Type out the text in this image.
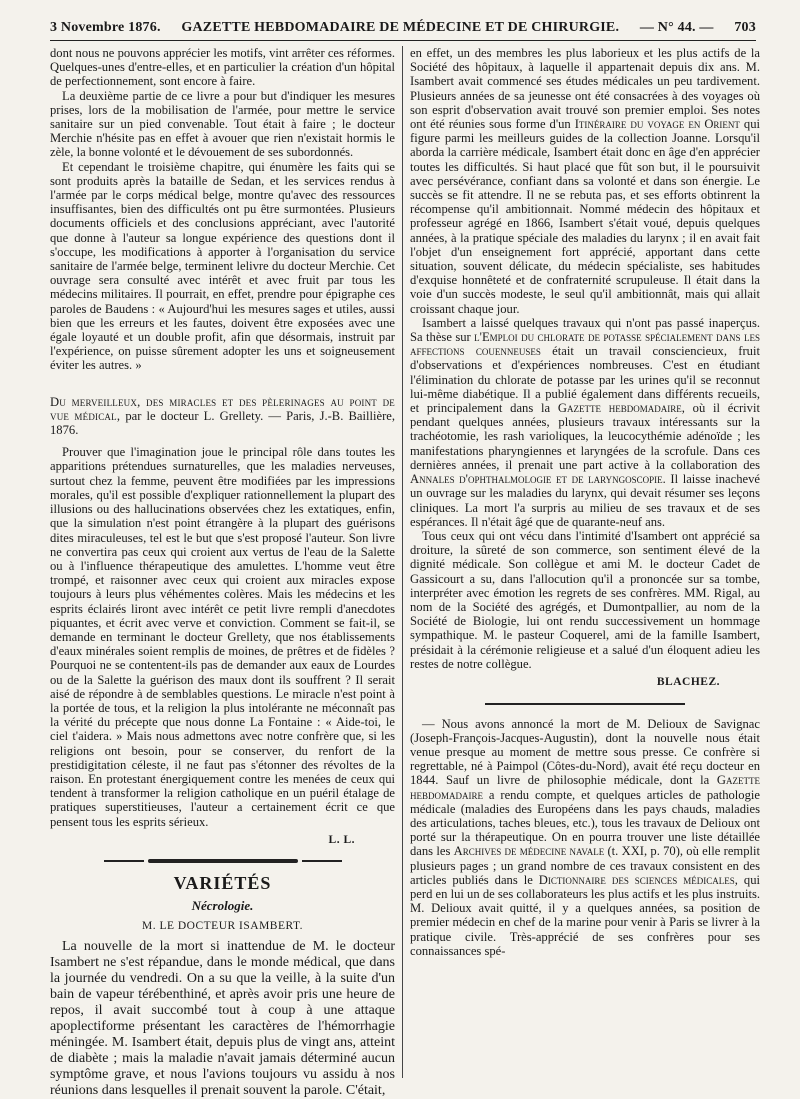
3 Novembre 1876. GAZETTE HEBDOMADAIRE DE MÉDECINE ET DE CHIRURGIE. — N° 44. — 703

dont nous ne pouvons apprécier les motifs, vint arrêter ces réformes. Quelques-unes d'entre-elles, et en particulier la création d'un hôpital de perfectionnement, sont encore à faire.

La deuxième partie de ce livre a pour but d'indiquer les mesures prises, lors de la mobilisation de l'armée, pour mettre le service sanitaire sur un pied convenable. Tout était à faire ; le docteur Merchie n'hésite pas en effet à avouer que rien n'existait hormis le zèle, la bonne volonté et le dévouement de ses subordonnés.

Et cependant le troisième chapitre, qui énumère les faits qui se sont produits après la bataille de Sedan, et les services rendus à l'armée par le corps médical belge, montre qu'avec des ressources insuffisantes, bien des difficultés ont pu être surmontées. Plusieurs documents officiels et des conclusions appréciant, avec l'autorité que donne à l'auteur sa longue expérience des questions dont il s'occupe, les modifications à apporter à l'organisation du service sanitaire de l'armée belge, terminent lelivre du docteur Merchie. Cet ouvrage sera consulté avec intérêt et avec fruit par tous les médecins militaires. Il pourrait, en effet, prendre pour épigraphe ces paroles de Baudens : « Aujourd'hui les mesures sages et utiles, aussi bien que les erreurs et les fautes, doivent être exposées avec une égale loyauté et un double profit, afin que désormais, instruit par l'expérience, on puisse sûrement adopter les uns et soigneusement éviter les autres. »

Du merveilleux, des miracles et des pèlerinages au point de vue médical, par le docteur L. Grellety. — Paris, J.-B. Baillière, 1876.

Prouver que l'imagination joue le principal rôle dans toutes les apparitions prétendues surnaturelles, que les maladies nerveuses, surtout chez la femme, peuvent être modifiées par les impressions morales, qu'il est possible d'expliquer rationnellement la plupart des illusions ou des hallucinations observées chez les extatiques, enfin, que la simulation n'est point étrangère à la plupart des guérisons dites miraculeuses, tel est le but que s'est proposé l'auteur. Son livre ne convertira pas ceux qui croient aux vertus de l'eau de la Salette ou à l'influence thérapeutique des amulettes. L'homme veut être trompé, et raisonner avec ceux qui croient aux miracles expose toujours à leurs plus véhémentes colères. Mais les médecins et les esprits éclairés liront avec intérêt ce petit livre rempli d'anecdotes piquantes, et écrit avec verve et conviction. Comment se fait-il, se demande en terminant le docteur Grellety, que nos établissements d'eaux minérales soient remplis de moines, de prêtres et de fidèles ? Pourquoi ne se contentent-ils pas de demander aux eaux de Lourdes ou de la Salette la guérison des maux dont ils souffrent ? Il serait aisé de répondre à de semblables questions. Le miracle n'est point à la portée de tous, et la religion la plus intolérante ne méconnaît pas la vérité du précepte que nous donne La Fontaine : « Aide-toi, le ciel t'aidera. » Mais nous admettons avec notre confrère que, si les religions ont besoin, pour se conserver, du renfort de la prestidigitation céleste, il ne faut pas s'étonner des révoltes de la raison. En protestant énergiquement contre les menées de ceux qui tendent à transformer la religion catholique en un puéril étalage de pratiques superstitieuses, l'auteur a certainement écrit ce que pensent tous les esprits sérieux.

L. L.
VARIÉTÉS
Nécrologie.
M. LE DOCTEUR ISAMBERT.

La nouvelle de la mort si inattendue de M. le docteur Isambert ne s'est répandue, dans le monde médical, que dans la journée du vendredi. On a su que la veille, à la suite d'un bain de vapeur térébenthiné, et après avoir pris une heure de repos, il avait succombé tout à coup à une attaque apoplectiforme présentant les caractères de l'hémorrhagie méningée. M. Isambert était, depuis plus de vingt ans, atteint de diabète ; mais la maladie n'avait jamais déterminé aucun symptôme grave, et nous l'avions toujours vu assidu à nos réunions dans lesquelles il prenait souvent la parole. C'était,

en effet, un des membres les plus laborieux et les plus actifs de la Société des hôpitaux, à laquelle il appartenait depuis dix ans. M. Isambert avait commencé ses études médicales un peu tardivement. Plusieurs années de sa jeunesse ont été consacrées à des voyages où son esprit d'observation avait trouvé son premier emploi. Ses notes ont été réunies sous forme d'un Itinéraire du voyage en Orient qui figure parmi les meilleurs guides de la collection Joanne. Lorsqu'il aborda la carrière médicale, Isambert était donc en âge d'en apprécier toutes les difficultés. Si haut placé que fût son but, il le poursuivit avec persévérance, confiant dans sa volonté et dans son énergie. Le succès se fit attendre. Il ne se rebuta pas, et ses efforts obtinrent la récompense qu'il ambitionnait. Nommé médecin des hôpitaux et professeur agrégé en 1866, Isambert s'était voué, depuis quelques années, à la pratique spéciale des maladies du larynx ; il en avait fait l'objet d'un enseignement fort apprécié, apportant dans cette situation, souvent délicate, du médecin spécialiste, ses habitudes d'exquise honnêteté et de confraternité scrupuleuse. Il était dans la voie d'un succès modeste, le seul qu'il ambitionnât, mais qui allait croissant chaque jour.

Isambert a laissé quelques travaux qui n'ont pas passé inaperçus. Sa thèse sur l'Emploi du chlorate de potasse spécialement dans les affections couenneuses était un travail consciencieux, fruit d'observations et d'expériences nombreuses. C'est en étudiant l'élimination du chlorate de potasse par les urines qu'il se reconnut lui-même diabétique. Il a publié également dans différents recueils, et principalement dans la Gazette hebdomadaire, où il écrivit pendant quelques années, plusieurs travaux intéressants sur la trachéotomie, les rash varioliques, la leucocythémie adénoïde ; les manifestations pharyngiennes et laryngées de la scrofule. Dans ces dernières années, il prenait une part active à la collaboration des Annales d'ophthalmologie et de laryngoscopie. Il laisse inachevé un ouvrage sur les maladies du larynx, qui devait résumer ses leçons cliniques. La mort l'a surpris au milieu de ses travaux et de ses espérances. Il n'était âgé que de quarante-neuf ans.

Tous ceux qui ont vécu dans l'intimité d'Isambert ont apprécié sa droiture, la sûreté de son commerce, son sentiment élevé de la dignité médicale. Son collègue et ami M. le docteur Cadet de Gassicourt a su, dans l'allocution qu'il a prononcée sur sa tombe, interpréter avec émotion les regrets de ses confrères. MM. Rigal, au nom de la Société des agrégés, et Dumontpallier, au nom de la Société de Biologie, lui ont rendu successivement un hommage sympathique. M. le pasteur Coquerel, ami de la famille Isambert, présidait à la cérémonie religieuse et a salué d'un éloquent adieu les restes de notre collègue.

BLACHEZ.

— Nous avons annoncé la mort de M. Delioux de Savignac (Joseph-François-Jacques-Augustin), dont la nouvelle nous était venue presque au moment de mettre sous presse. Ce confrère si regrettable, né à Paimpol (Côtes-du-Nord), avait été reçu docteur en 1844. Sauf un livre de philosophie médicale, dont la Gazette hebdomadaire a rendu compte, et quelques articles de pathologie médicale (maladies des Européens dans les pays chauds, maladies des articulations, taches bleues, etc.), tous les travaux de Delioux ont porté sur la thérapeutique. On en pourra trouver une liste détaillée dans les Archives de médecine navale (t. XXI, p. 70), où elle remplit plusieurs pages ; un grand nombre de ces travaux consistent en des articles publiés dans le Dictionnaire des sciences médicales, qui perd en lui un de ses collaborateurs les plus actifs et les plus instruits. M. Delioux avait quitté, il y a quelques années, sa position de premier médecin en chef de la marine pour venir à Paris se livrer à la pratique civile. Très-apprécié de ses confrères pour ses connaissances spé-
